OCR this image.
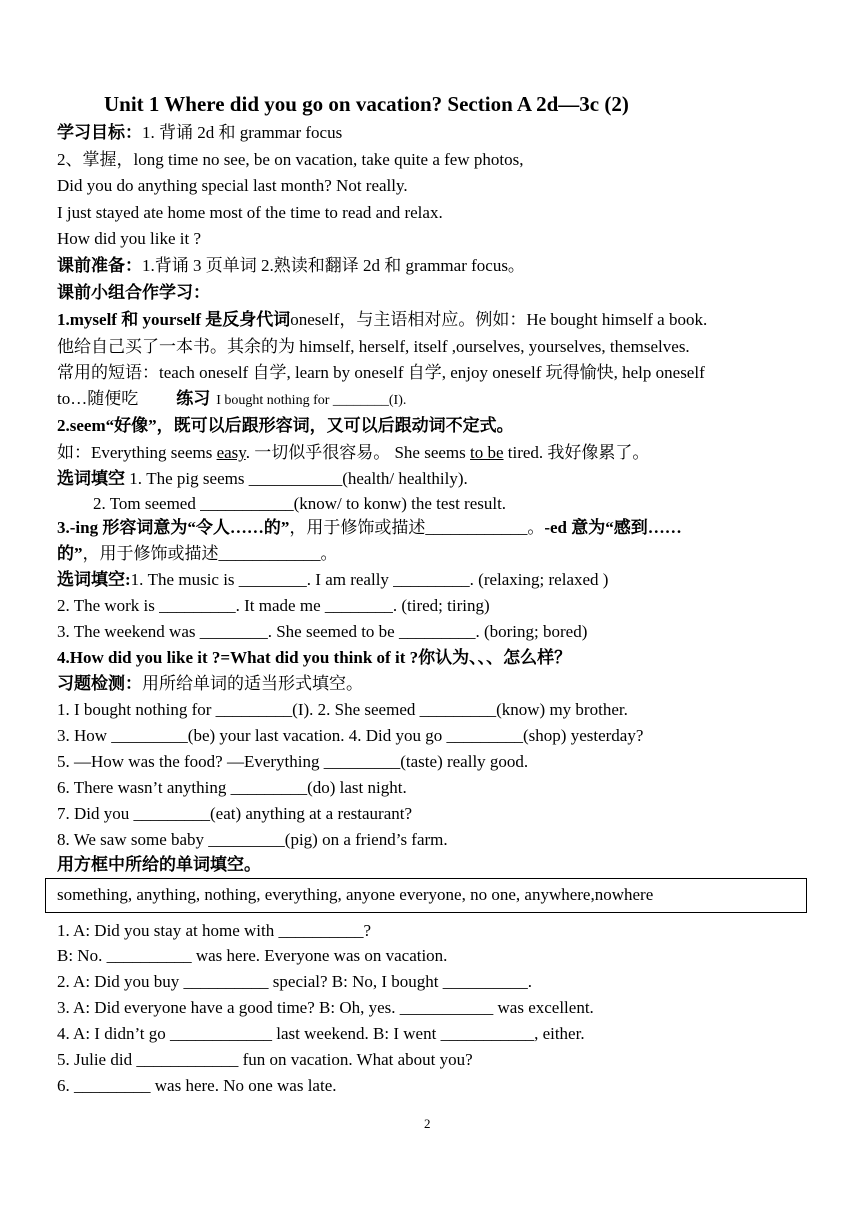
Unit 1 Where did you go on vacation? Section A 2d—3c (2)
学习目标：1. 背诵 2d 和 grammar focus
2、掌握，long time no see, be on vacation, take quite a few photos,
Did you do anything special last month? Not really.
I just stayed ate home most of the time to read and relax.
How did you like it ?
课前准备：1.背诵 3 页单词 2.熟读和翻译 2d 和 grammar focus。
课前小组合作学习：
1.myself 和 yourself 是反身代词oneself，与主语相对应。例如：He bought himself a book.
他给自己买了一本书。其余的为 himself, herself, itself ,ourselves, yourselves, themselves.
常用的短语：teach oneself 自学, learn by oneself 自学, enjoy oneself 玩得愉快, help oneself
to…随便吃 练习 I bought nothing for ________(I).
2.seem“好像”，既可以后跟形容词，又可以后跟动词不定式。
如：Everything seems easy. 一切似乎很容易。 She seems to be tired. 我好像累了。
选词填空 1. The pig seems ___________(health/ healthily).
2. Tom seemed ___________(know/ to konw) the test result.
3.-ing 形容词意为“令人……的”，用于修饰或描述____________。-ed 意为“感到……
的”，用于修饰或描述____________。
选词填空:1. The music is ________. I am really _________. (relaxing; relaxed )
2. The work is _________. It made me ________. (tired; tiring)
3. The weekend was ________. She seemed to be _________. (boring; bored)
4.How did you like it ?=What did you think of it ?你认为、、、怎么样？
习题检测：用所给单词的适当形式填空。
1. I bought nothing for _________(I). 2. She seemed _________(know) my brother.
3. How _________(be) your last vacation. 4. Did you go _________(shop) yesterday?
5. —How was the food? —Everything _________(taste) really good.
6. There wasn’t anything _________(do) last night.
7. Did you _________(eat) anything at a restaurant?
8. We saw some baby _________(pig) on a friend’s farm.
用方框中所给的单词填空。
something, anything, nothing, everything, anyone everyone, no one, anywhere,nowhere
1. A: Did you stay at home with __________?
B: No. __________ was here. Everyone was on vacation.
2. A: Did you buy __________ special? B: No, I bought __________.
3. A: Did everyone have a good time? B: Oh, yes. ___________ was excellent.
4. A: I didn’t go ____________ last weekend. B: I went ___________, either.
5. Julie did ____________ fun on vacation. What about you?
6. _________ was here. No one was late.
2
